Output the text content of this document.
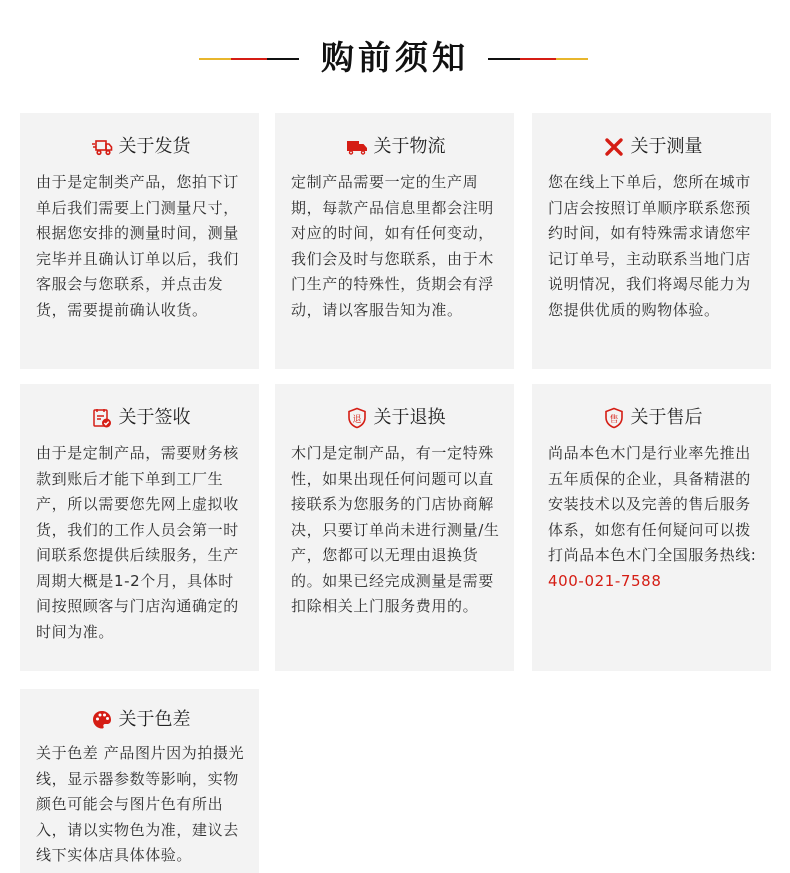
购前须知
关于发货
由于是定制类产品，您拍下订单后我们需要上门测量尺寸，根据您安排的测量时间，测量完毕并且确认订单以后，我们客服会与您联系，并点击发货，需要提前确认收货。
关于物流
定制产品需要一定的生产周期，每款产品信息里都会注明对应的时间，如有任何变动，我们会及时与您联系，由于木门生产的特殊性，货期会有浮动，请以客服告知为准。
关于测量
您在线上下单后，您所在城市门店会按照订单顺序联系您预约时间，如有特殊需求请您牢记订单号，主动联系当地门店说明情况，我们将竭尽能力为您提供优质的购物体验。
关于签收
由于是定制产品，需要财务核款到账后才能下单到工厂生产，所以需要您先网上虚拟收货，我们的工作人员会第一时间联系您提供后续服务，生产周期大概是1-2个月，具体时间按照顾客与门店沟通确定的时间为准。
退 关于退换
木门是定制产品，有一定特殊性，如果出现任何问题可以直接联系为您服务的门店协商解决，只要订单尚未进行测量/生产，您都可以无理由退换货的。如果已经完成测量是需要扣除相关上门服务费用的。
售 关于售后
尚品本色木门是行业率先推出五年质保的企业，具备精湛的安装技术以及完善的售后服务体系，如您有任何疑问可以拨打尚品本色木门全国服务热线: 400-021-7588
关于色差
关于色差 产品图片因为拍摄光线，显示器参数等影响，实物颜色可能会与图片色有所出入，请以实物色为准，建议去线下实体店具体体验。
